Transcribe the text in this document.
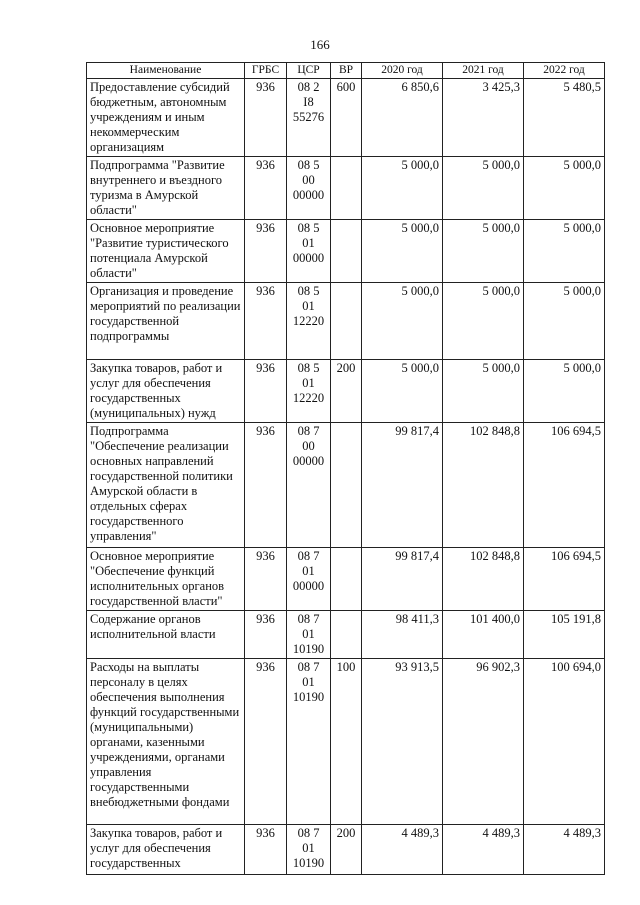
166
Наименование	ГРБС	ЦСР	ВР	2020 год	2021 год	2022 год
Предоставление субсидий бюджетным, автономным учреждениям и иным некоммерческим организациям	936	08 2
I8
55276	600	6 850,6	3 425,3	5 480,5
Подпрограмма "Развитие внутреннего и въездного туризма в Амурской области"	936	08 5
00
00000		5 000,0	5 000,0	5 000,0
Основное мероприятие "Развитие туристического потенциала Амурской области"	936	08 5
01
00000		5 000,0	5 000,0	5 000,0
Организация и проведение мероприятий по реализации государственной подпрограммы	936	08 5
01
12220		5 000,0	5 000,0	5 000,0
Закупка товаров, работ и услуг для обеспечения государственных (муниципальных) нужд	936	08 5
01
12220	200	5 000,0	5 000,0	5 000,0
Подпрограмма "Обеспечение реализации основных направлений государственной политики Амурской области в отдельных сферах государственного управления"	936	08 7
00
00000		99 817,4	102 848,8	106 694,5
Основное мероприятие "Обеспечение функций исполнительных органов государственной власти"	936	08 7
01
00000		99 817,4	102 848,8	106 694,5
Содержание органов исполнительной власти	936	08 7
01
10190		98 411,3	101 400,0	105 191,8
Расходы на выплаты персоналу в целях обеспечения выполнения функций государственными (муниципальными) органами, казенными учреждениями, органами управления государственными внебюджетными фондами	936	08 7
01
10190	100	93 913,5	96 902,3	100 694,0
Закупка товаров, работ и услуг для обеспечения государственных	936	08 7
01
10190	200	4 489,3	4 489,3	4 489,3
